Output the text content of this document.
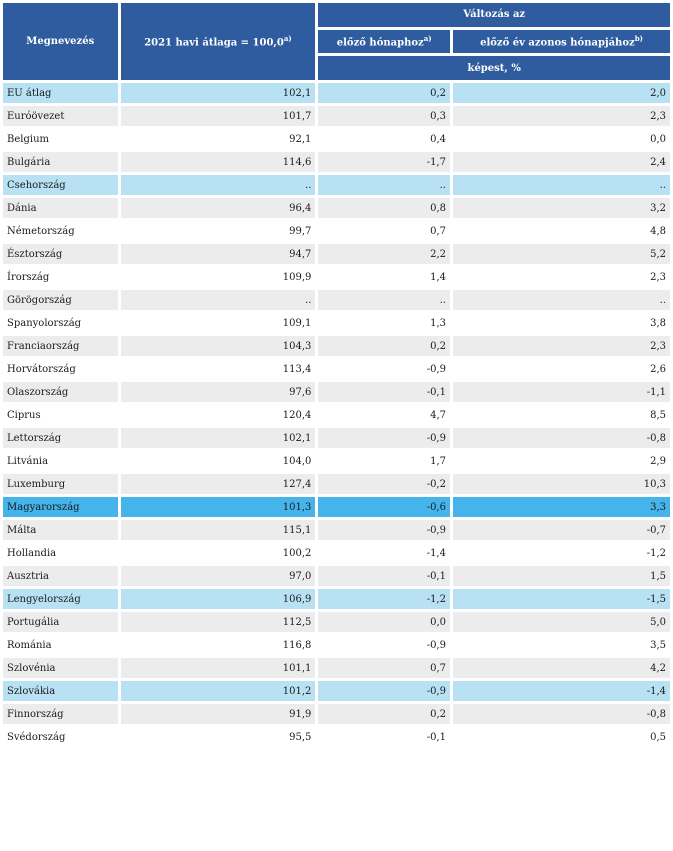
Megnevezés	2021 havi átlaga = $100,0^{a)}$	Változás az	
		előző hónaphoz$^{a)}$	előző év azonos hónapjához$^{b)}$
		képest, %	
EU átlag	102,1	0,2	2,0
Euróövezet	101,7	0,3	2,3
Belgium	92,1	0,4	0,0
Bulgária	114,6	-1,7	2,4
Csehország	..	..	..
Dánia	96,4	0,8	3,2
Németország	99,7	0,7	4,8
Észtország	94,7	2,2	5,2
Írország	109,9	1,4	2,3
Görögország	..	..	..
Spanyolország	109,1	1,3	3,8
Franciaország	104,3	0,2	2,3
Horvátország	113,4	-0,9	2,6
Olaszország	97,6	-0,1	-1,1
Ciprus	120,4	4,7	8,5
Lettország	102,1	-0,9	-0,8
Litvánia	104,0	1,7	2,9
Luxemburg	127,4	-0,2	10,3
Magyarország	101,3	-0,6	3,3
Málta	115,1	-0,9	-0,7
Hollandia	100,2	-1,4	-1,2
Ausztria	97,0	-0,1	1,5
Lengyelország	106,9	-1,2	-1,5
Portugália	112,5	0,0	5,0
Románia	116,8	-0,9	3,5
Szlovénia	101,1	0,7	4,2
Szlovákia	101,2	-0,9	-1,4
Finnország	91,9	0,2	-0,8
Svédország	95,5	-0,1	0,5
